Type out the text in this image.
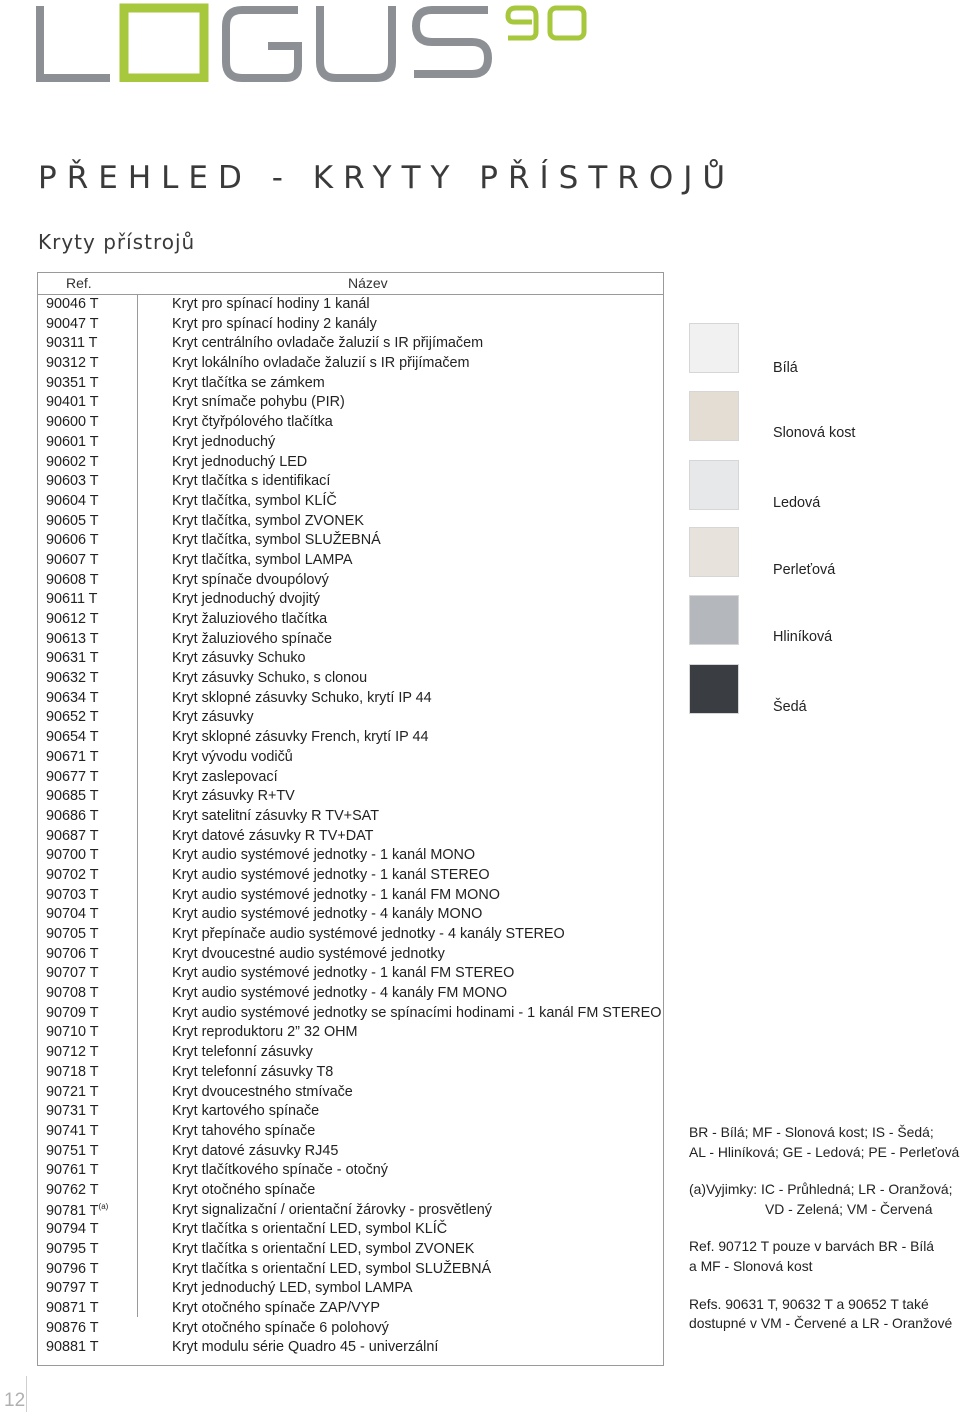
PŘEHLED - KRYTY PŘÍSTROJŮ
Kryty přístrojů
Ref.	Název
90046 T	Kryt pro spínací hodiny 1 kanál
90047 T	Kryt pro spínací hodiny 2 kanály
90311 T	Kryt centrálního ovladače žaluzií s IR přijímačem
90312 T	Kryt lokálního ovladače žaluzií s IR přijímačem
90351 T	Kryt tlačítka se zámkem
90401 T	Kryt snímače pohybu (PIR)
90600 T	Kryt čtyřpólového tlačítka
90601 T	Kryt jednoduchý
90602 T	Kryt jednoduchý LED
90603 T	Kryt tlačítka s identifikací
90604 T	Kryt tlačítka, symbol KLÍČ
90605 T	Kryt tlačítka, symbol ZVONEK
90606 T	Kryt tlačítka, symbol SLUŽEBNÁ
90607 T	Kryt tlačítka, symbol LAMPA
90608 T	Kryt spínače dvoupólový
90611 T	Kryt jednoduchý dvojitý
90612 T	Kryt žaluziového tlačítka
90613 T	Kryt žaluziového spínače
90631 T	Kryt zásuvky Schuko
90632 T	Kryt zásuvky Schuko, s clonou
90634 T	Kryt sklopné zásuvky Schuko, krytí IP 44
90652 T	Kryt zásuvky
90654 T	Kryt sklopné zásuvky French, krytí IP 44
90671 T	Kryt vývodu vodičů
90677 T	Kryt zaslepovací
90685 T	Kryt zásuvky R+TV
90686 T	Kryt satelitní zásuvky R TV+SAT
90687 T	Kryt datové zásuvky R TV+DAT
90700 T	Kryt audio systémové jednotky - 1 kanál MONO
90702 T	Kryt audio systémové jednotky - 1 kanál STEREO
90703 T	Kryt audio systémové jednotky - 1 kanál FM MONO
90704 T	Kryt audio systémové jednotky - 4 kanály MONO
90705 T	Kryt přepínače audio systémové jednotky - 4 kanály STEREO
90706 T	Kryt dvoucestné audio systémové jednotky
90707 T	Kryt audio systémové jednotky - 1 kanál FM STEREO
90708 T	Kryt audio systémové jednotky - 4 kanály FM MONO
90709 T	Kryt audio systémové jednotky se spínacími hodinami - 1 kanál FM STEREO
90710 T	Kryt reproduktoru 2” 32 OHM
90712 T	Kryt telefonní zásuvky
90718 T	Kryt telefonní zásuvky T8
90721 T	Kryt dvoucestného stmívače
90731 T	Kryt kartového spínače
90741 T	Kryt tahového spínače
90751 T	Kryt datové zásuvky RJ45
90761 T	Kryt tlačítkového spínače - otočný
90762 T	Kryt otočného spínače
90781 $T^{(a)}$	Kryt signalizační / orientační žárovky - prosvětlený
90794 T	Kryt tlačítka s orientační LED, symbol KLÍČ
90795 T	Kryt tlačítka s orientační LED, symbol ZVONEK
90796 T	Kryt tlačítka s orientační LED, symbol SLUŽEBNÁ
90797 T	Kryt jednoduchý LED, symbol LAMPA
90871 T	Kryt otočného spínače ZAP/VYP
90876 T	Kryt otočného spínače 6 polohový
90881 T	Kryt modulu série Quadro 45 - univerzální
Bílá
Slonová kost
Ledová
Perleťová
Hliníková
Šedá

BR - Bílá; MF - Slonová kost; IS - Šedá;
AL - Hliníková; GE - Ledová; PE - Perleťová

(a)Vyjimky: IC - Průhledná; LR - Oranžová;
VD - Zelená; VM - Červená

Ref. 90712 T pouze v barvách BR - Bílá
a MF - Slonová kost

Refs. 90631 T, 90632 T a 90652 T také
dostupné v VM - Červené a LR - Oranžové

12
